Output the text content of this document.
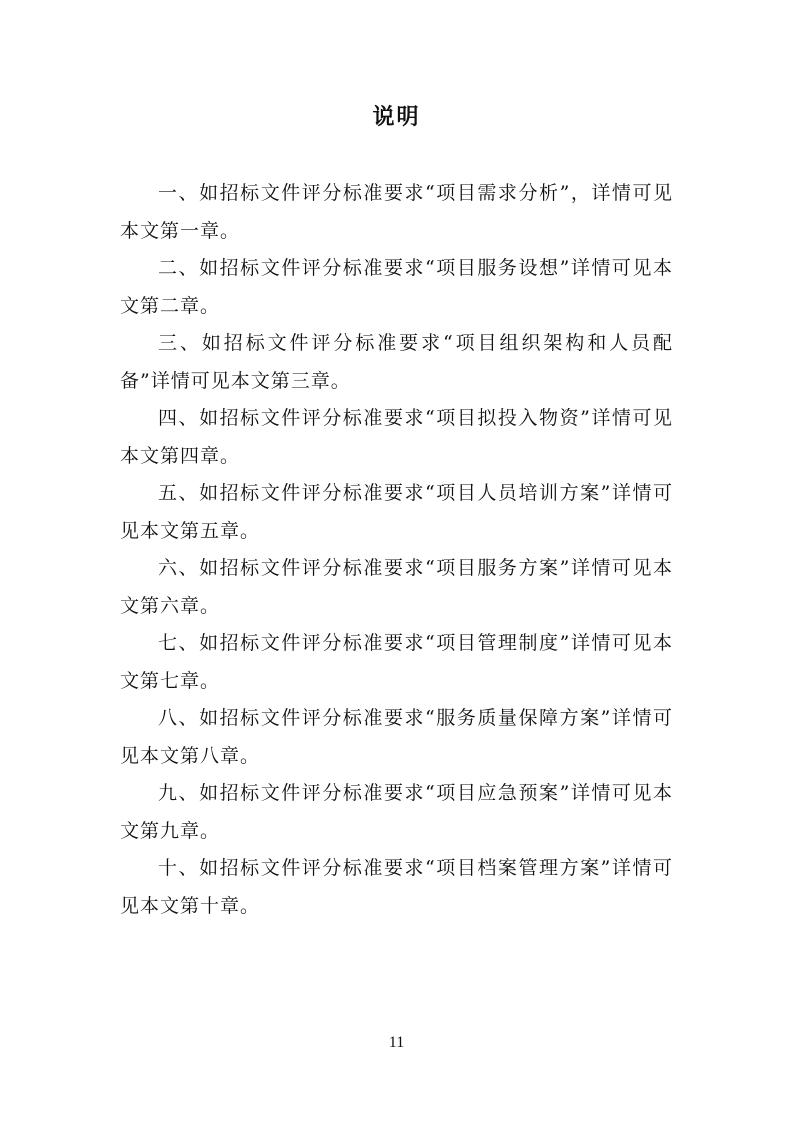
说明

一、如招标文件评分标准要求“项目需求分析”，详情可见本文第一章。

二、如招标文件评分标准要求“项目服务设想”详情可见本文第二章。

三、如招标文件评分标准要求“项目组织架构和人员配备”详情可见本文第三章。

四、如招标文件评分标准要求“项目拟投入物资”详情可见本文第四章。

五、如招标文件评分标准要求“项目人员培训方案”详情可见本文第五章。

六、如招标文件评分标准要求“项目服务方案”详情可见本文第六章。

七、如招标文件评分标准要求“项目管理制度”详情可见本文第七章。

八、如招标文件评分标准要求“服务质量保障方案”详情可见本文第八章。

九、如招标文件评分标准要求“项目应急预案”详情可见本文第九章。

十、如招标文件评分标准要求“项目档案管理方案”详情可见本文第十章。

11
